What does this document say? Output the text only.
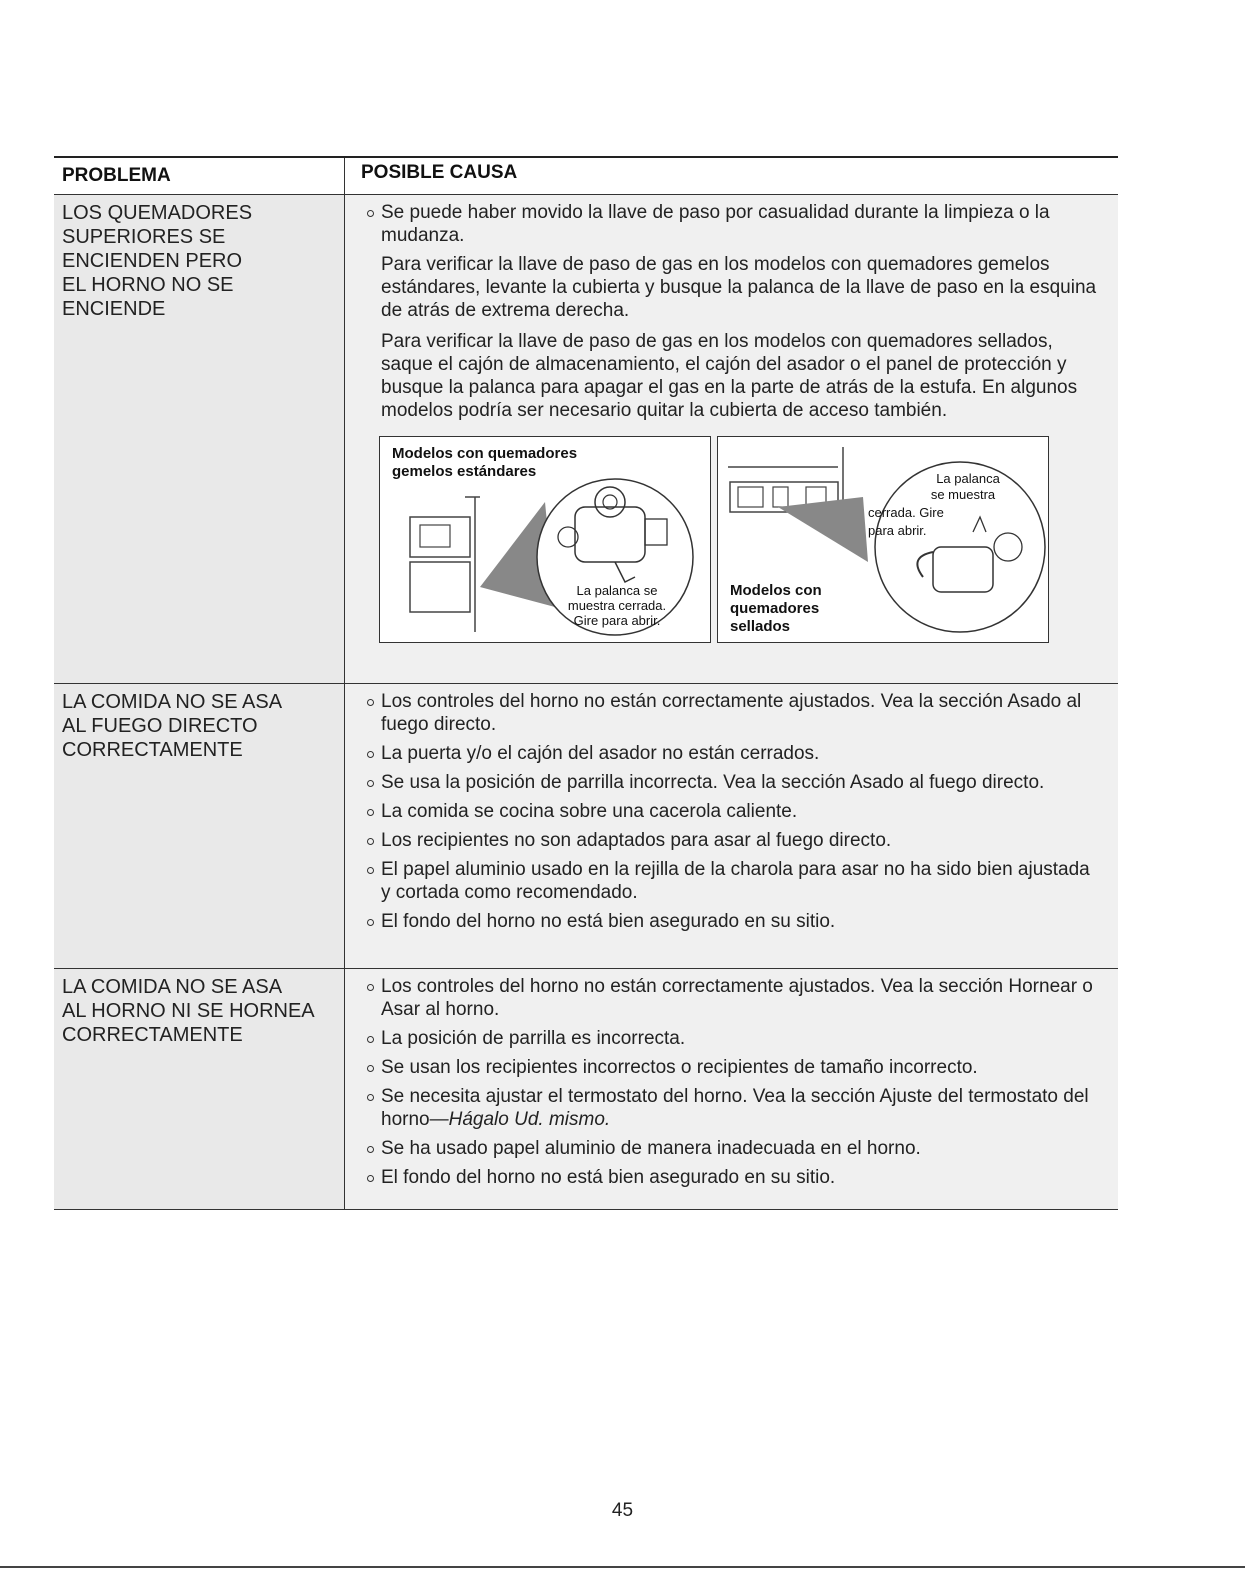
PROBLEMA	POSIBLE CAUSA
LOS QUEMADORES
SUPERIORES SE
ENCIENDEN PERO
EL HORNO NO SE
ENCIENDE
Se puede haber movido la llave de paso por casualidad durante la limpieza o la mudanza.
Para verificar la llave de paso de gas en los modelos con quemadores gemelos estándares, levante la cubierta y busque la palanca de la llave de paso en la esquina de atrás de extrema derecha.
Para verificar la llave de paso de gas en los modelos con quemadores sellados, saque el cajón de almacenamiento, el cajón del asador o el panel de protección y busque la palanca para apagar el gas en la parte de atrás de la estufa. En algunos modelos podría ser necesario quitar la cubierta de acceso también.
Modelos con quemadores
gemelos estándares
La palanca se
muestra cerrada.
Gire para abrir.
La palanca
se muestra
cerrada. Gire
para abrir.
Modelos con
quemadores
sellados
LA COMIDA NO SE ASA
AL FUEGO DIRECTO
CORRECTAMENTE
Los controles del horno no están correctamente ajustados. Vea la sección Asado al fuego directo.
La puerta y/o el cajón del asador no están cerrados.
Se usa la posición de parrilla incorrecta. Vea la sección Asado al fuego directo.
La comida se cocina sobre una cacerola caliente.
Los recipientes no son adaptados para asar al fuego directo.
El papel aluminio usado en la rejilla de la charola para asar no ha sido bien ajustada y cortada como recomendado.
El fondo del horno no está bien asegurado en su sitio.
LA COMIDA NO SE ASA
AL HORNO NI SE HORNEA
CORRECTAMENTE
Los controles del horno no están correctamente ajustados. Vea la sección Hornear o Asar al horno.
La posición de parrilla es incorrecta.
Se usan los recipientes incorrectos o recipientes de tamaño incorrecto.
Se necesita ajustar el termostato del horno. Vea la sección Ajuste del termostato del horno—Hágalo Ud. mismo.
Se ha usado papel aluminio de manera inadecuada en el horno.
El fondo del horno no está bien asegurado en su sitio.
45
